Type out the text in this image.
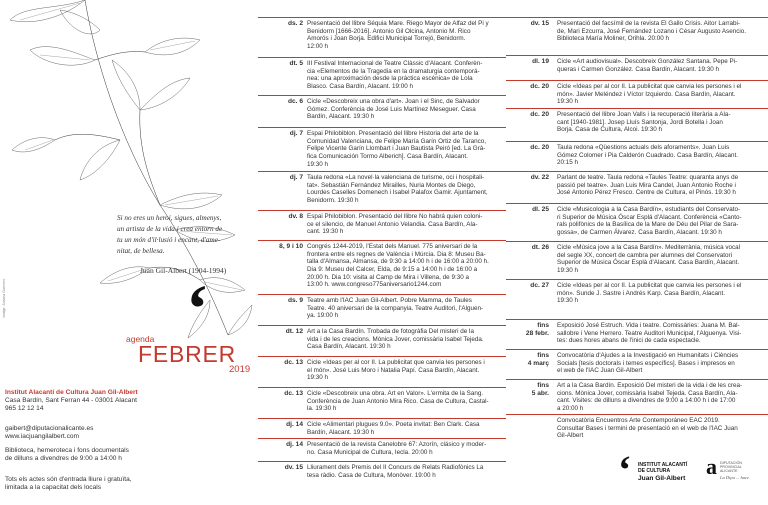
imatge: Susana Guerrero
Si no eres un heroi, sigues, almenys,
un artista de la vida i crea entorn de
tu un món d'il·lusió i encant, d'ame-
nitat, de bellesa.
Juan Gil-Albert (1904-1994)
‘
agenda
FEBRER
2019
Institut Alacantí de Cultura Juan Gil-Albert
Casa Bardín, Sant Ferran 44 - 03001 Alacant
965 12 12 14
gaibert@diputacionalicante.es
www.iacjuangilalbert.com
Biblioteca, hemeroteca i fons documentals
de dilluns a divendres de 9:00 a 14:00 h
Tots els actes són d'entrada lliure i gratuïta,
limitada a la capacitat dels locals
ds. 2 Presentació del llibre Séquia Mare. Riego Mayor de Alfaz del Pi y
Benidorm [1666-2016]. Antonio Gil Olcina, Antonio M. Rico
Amorós i Joan Borja. Edifici Municipal Torrejó, Benidorm.
12:00 h
dt. 5 III Festival Internacional de Teatre Clàssic d'Alacant. Conferèn-
cia «Elementos de la Tragedia en la dramaturgia contemporá-
nea: una aproximación desde la práctica escénica» de Lola
Blasco. Casa Bardín, Alacant. 19:00 h
dc. 6 Cicle «Descobreix una obra d'art». Joan i el Sinc, de Salvador
Gómez. Conferència de José Luis Martínez Meseguer. Casa
Bardín, Alacant. 19:30 h
dj. 7 Espai Philobiblon. Presentació del llibre Historia del arte de la
Comunidad Valenciana, de Felipe María Garín Ortiz de Taranco,
Felipe Vicente Garín Llombart i Juan Bautista Peiró [ed. La Grà-
fica Comunicación Tormo Alberich]. Casa Bardín, Alacant.
19:30 h
dj. 7 Taula redona «La novel·la valenciana de turisme, oci i hospitali-
tat». Sebastián Fernández Mirailles, Nuria Montes de Diego,
Lourdes Caselles Domenech i Isabel Palafox Gamir. Ajuntament,
Benidorm. 19:30 h
dv. 8 Espai Philobiblon. Presentació del llibre No habrá quien coloni-
ce el silencio, de Manuel Antonio Velandia. Casa Bardín, Ala-
cant. 19:30 h
8, 9 i 10 Congrés 1244-2019, l'Estat dels Manuel. 775 aniversari de la
frontera entre els regnes de València i Múrcia. Dia 8: Museu Ba-
talla d'Almansa, Almansa, de 9:30 a 14:00 h i de 16:00 a 20:00 h.
Dia 9: Museu del Calcer, Elda, de 9:15 a 14:00 h i de 16:00 a
20:00 h. Dia 10: visita al Camp de Mira i Villena, de 9:30 a
13:00 h. www.congreso775aniversario1244.com
ds. 9 Teatre amb l'IAC Juan Gil-Albert. Pobre Mamma, de Taules
Teatre. 40 aniversari de la companyia. Teatre Auditori, l'Alguen-
ya. 19:00 h
dt. 12 Art a la Casa Bardín. Trobada de fotogràfia Del misteri de la
vida i de les creacions. Mònica Jover, comissària Isabel Tejeda.
Casa Bardín, Alacant. 19:30 h
dc. 13 Cicle «Ideas per al cor II. La publicitat que canvia les persones i
el món». José Luis Moro i Natalia Papí. Casa Bardín, Alacant.
19:30 h
dc. 13 Cicle «Descobreix una obra. Art en Valor». L'ermita de la Sang.
Conferència de Juan Antonio Mira Rico. Casa de Cultura, Castal-
la. 19:30 h
dj. 14 Cicle «Alimentari plugues 9.0». Poeta invitat: Ben Clark. Casa
Bardín, Alacant. 19:30 h
dj. 14 Presentació de la revista Canelobre 67: Azorín, clásico y moder-
no. Casa Municipal de Cultura, Iecla. 20:00 h
dv. 15 Lliurament dels Premis del II Concurs de Relats Radiofònics La
tesa ràdio. Casa de Cultura, Monòver. 19:00 h
dv. 15 Presentació del facsímil de la revista El Gallo Crisis. Aitor Larrabi-
de, Mari Ezcurra, José Fernández Lozano i César Augusto Asencio.
Biblioteca María Moliner, Orihla. 20:00 h
dl. 19 Cicle «Art audiovisual». Descobreix González Santana. Pepe Pi-
queras i Carmen González. Casa Bardín, Alacant. 19:30 h
dc. 20 Cicle «Ideas per al cor II. La publicitat que canvia les persones i el
món». Javier Meléndez i Víctor Izquierdo. Casa Bardín, Alacant.
19:30 h
dc. 20 Presentació del llibre Joan Valls i la recuperació literària a Ala-
cant [1940-1981]. Josep Lluís Santonja, Jordi Botella i Joan
Borja. Casa de Cultura, Alcoi. 19:30 h
dc. 20 Taula redona «Qüestions actuals dels aforaments». Juan Luis
Gómez Colomer i Pia Calderón Cuadrado. Casa Bardín, Alacant.
20:15 h
dv. 22 Parlant de teatre. Taula redona «Taules Teatre: quaranta anys de
passió pel teatre». Juan Luis Mira Candel, Juan Antonio Roche i
José Antonio Pérez Fresco. Centre de Cultura, el Pinós. 19:30 h
dl. 25 Cicle «Musicologia a la Casa Bardín», estudiants del Conservato-
ri Superior de Música Óscar Esplá d'Alacant. Conferència «Canto-
rals polifònics de la Basílica de la Mare de Déu del Pilar de Sara-
gossa», de Carmen Álvarez. Casa Bardín, Alacant. 19:30 h
dt. 26 Cicle «Música jove a la Casa Bardín». Mediterrània, música vocal
del segle XX, concert de cambra per alumnes del Conservatori
Superior de Música Óscar Esplà d'Alacant. Casa Bardín, Alacant.
19:30 h
dc. 27 Cicle «Ideas per al cor II. La publicitat que canvia les persones i el
món». Sunde J. Sastre i Andrés Karp. Casa Bardín, Alacant.
19:30 h
fins
28 febr.
Exposició José Estruch. Vida i teatre. Comissàries: Juana M. Bal-
sallobre i Vene Herrero. Teatre Auditori Municipal, l'Alguenya. Visi-
tes: dues hores abans de l'inici de cada espectacle.
fins
4 març
Convocatòria d'Ajudes a la Investigació en Humanitats i Ciències
Socials [tesis doctorals i temes específics]. Bases i impresos en
el web de l'IAC Juan Gil-Albert
fins
5 abr.
Art a la Casa Bardín. Exposició Del misteri de la vida i de les crea-
cions. Mònica Jover, comissària Isabel Tejeda. Casa Bardín, Ala-
cant. Visites: de dilluns a divendres de 9:00 a 14:00 h i de 17:00
a 20:00 h
Convocatòria Encuentros Arte Contemporáneo EAC 2019.
Consultar Bases i termini de presentació en el web de l'IAC Juan
Gil-Albert
‘ INSTITUT ALACANTÍ
DE CULTURA
Juan Gil-Albert a DIPUTACIÓN
PROVINCIAL
ALICANTE
La Dipu ... hace
